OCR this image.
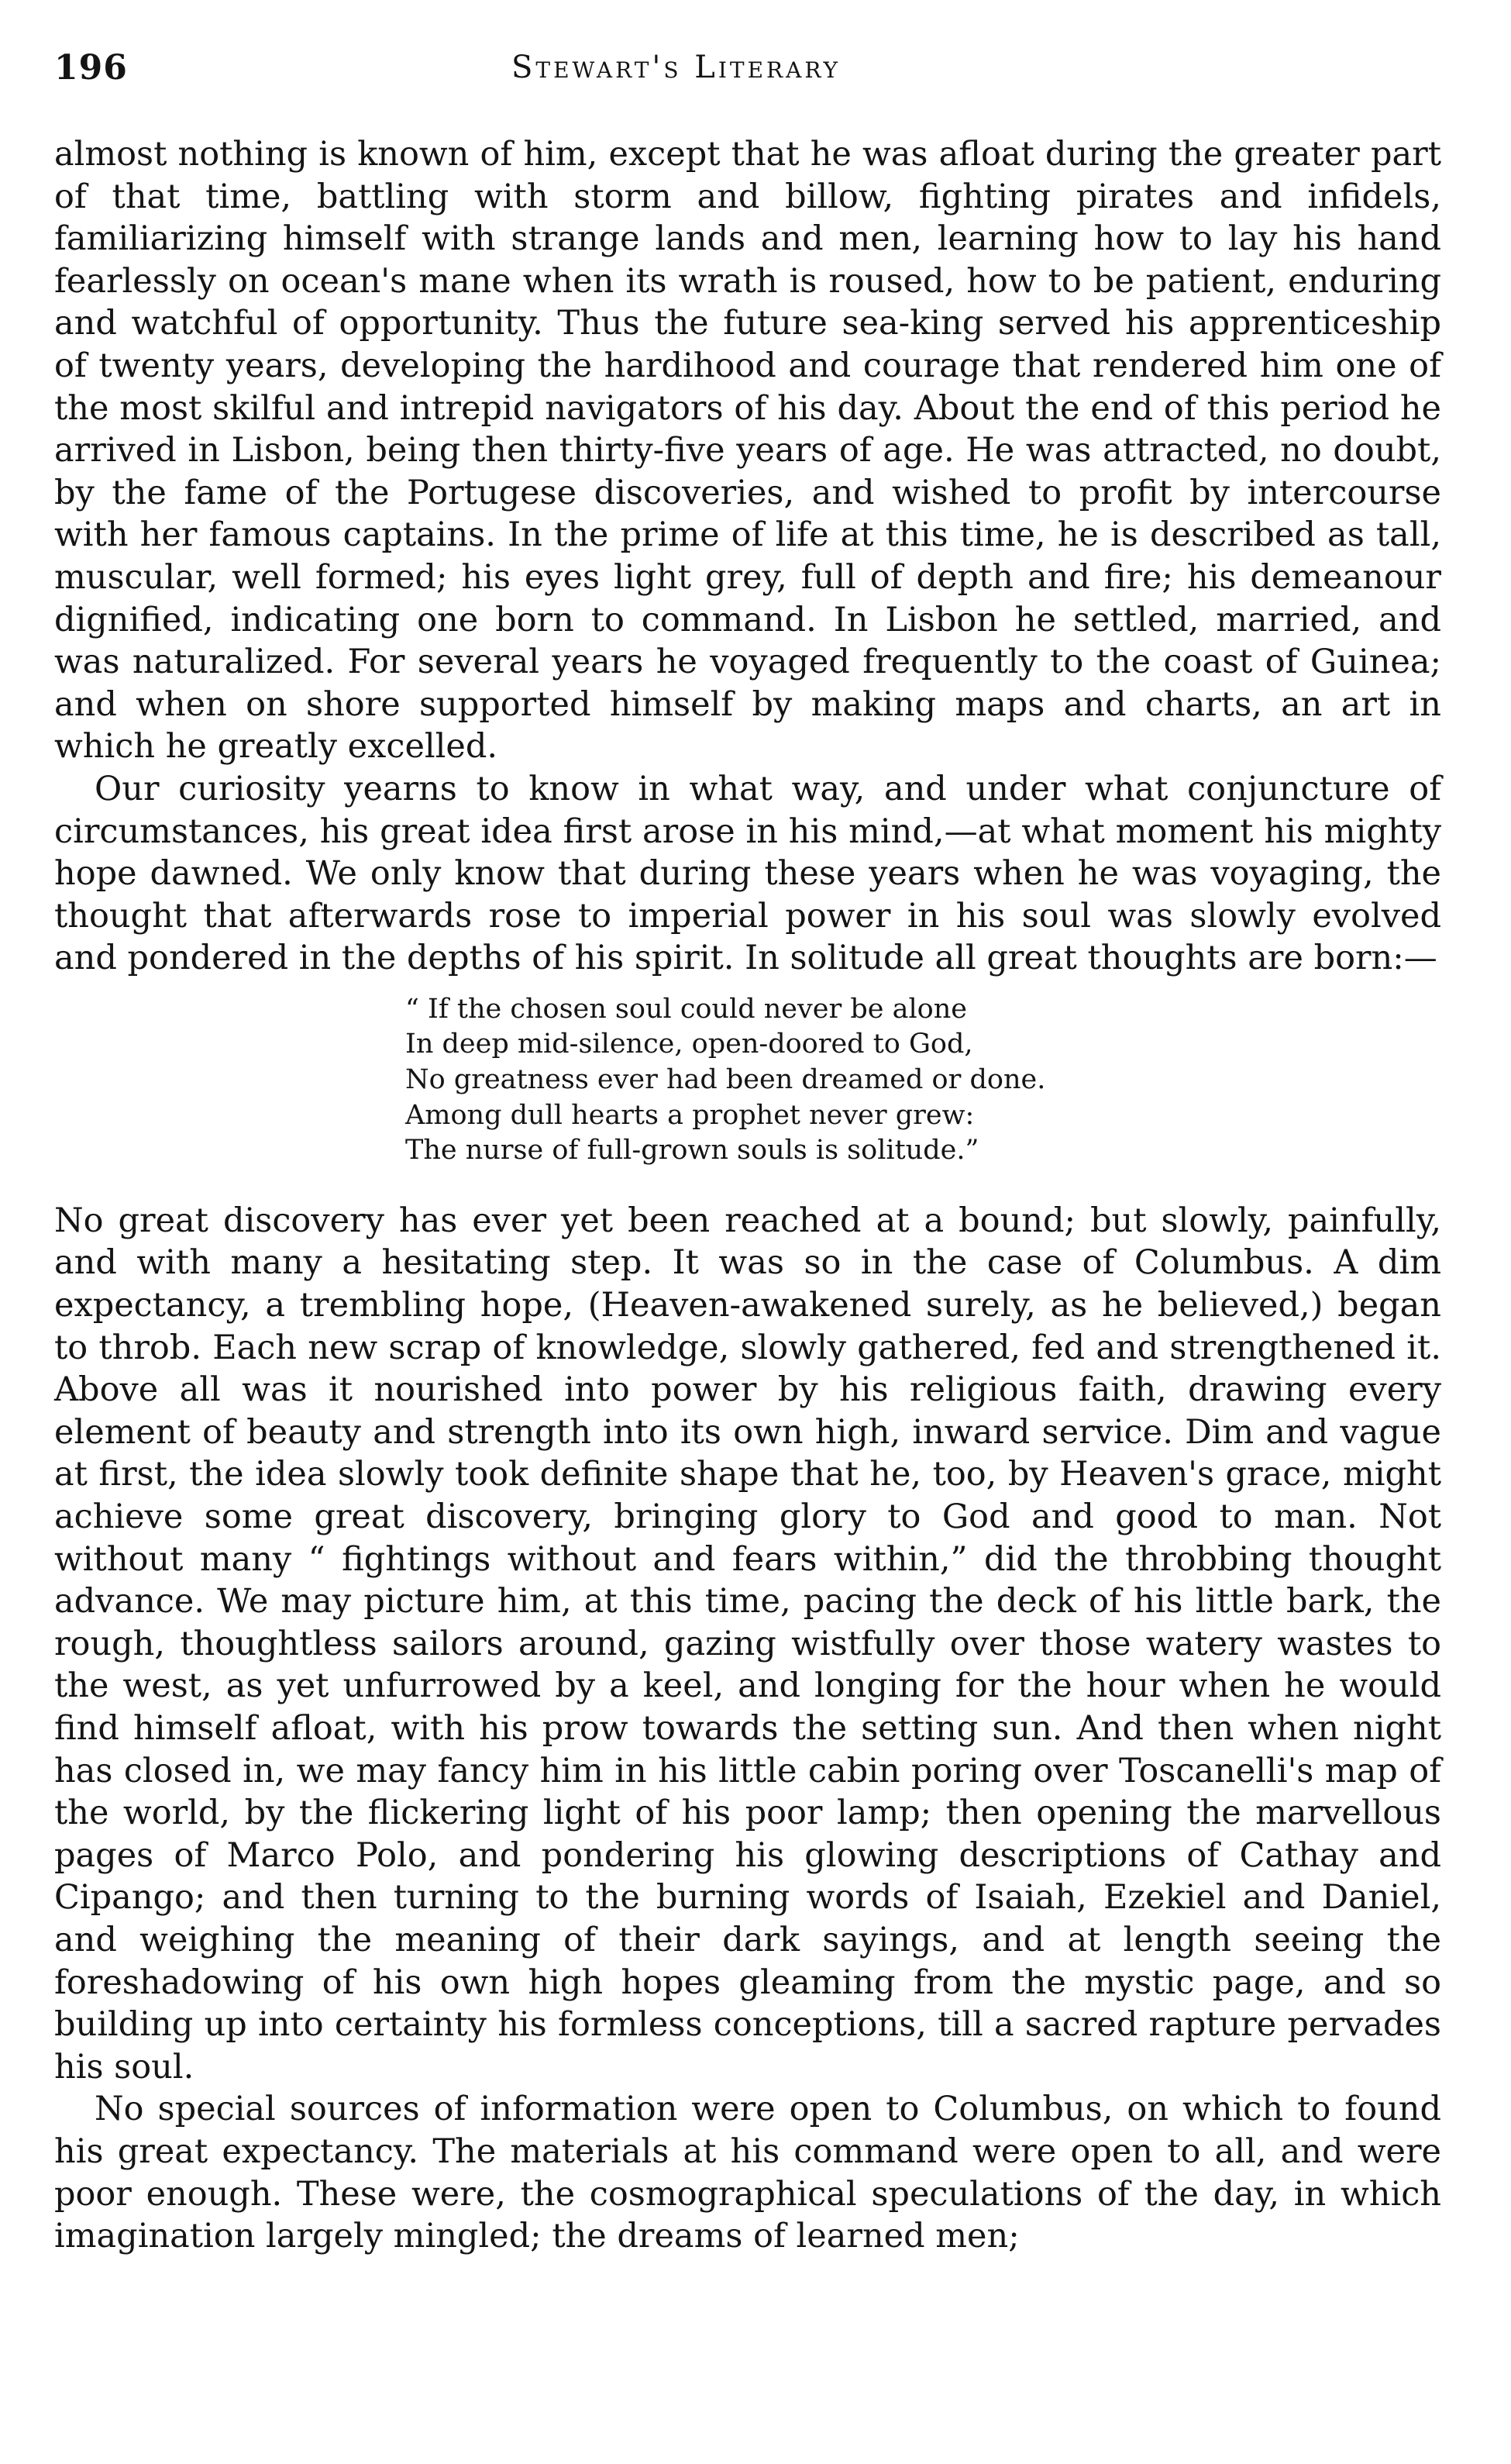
196	Stewart's Literary

almost nothing is known of him, except that he was afloat during the greater part of that time, battling with storm and billow, fighting pirates and infidels, familiarizing himself with strange lands and men, learning how to lay his hand fearlessly on ocean's mane when its wrath is roused, how to be patient, enduring and watchful of opportunity. Thus the future sea-king served his apprenticeship of twenty years, developing the hardihood and courage that rendered him one of the most skilful and intrepid navigators of his day. About the end of this period he arrived in Lisbon, being then thirty-five years of age. He was attracted, no doubt, by the fame of the Portugese discoveries, and wished to profit by intercourse with her famous captains. In the prime of life at this time, he is described as tall, muscular, well formed; his eyes light grey, full of depth and fire; his demeanour dignified, indicating one born to command. In Lisbon he settled, married, and was naturalized. For several years he voyaged frequently to the coast of Guinea; and when on shore supported himself by making maps and charts, an art in which he greatly excelled.

Our curiosity yearns to know in what way, and under what conjuncture of circumstances, his great idea first arose in his mind,—at what moment his mighty hope dawned. We only know that during these years when he was voyaging, the thought that afterwards rose to imperial power in his soul was slowly evolved and pondered in the depths of his spirit. In solitude all great thoughts are born:—

“ If the chosen soul could never be alone
In deep mid-silence, open-doored to God,
No greatness ever had been dreamed or done.
Among dull hearts a prophet never grew:
The nurse of full-grown souls is solitude.”

No great discovery has ever yet been reached at a bound; but slowly, painfully, and with many a hesitating step. It was so in the case of Columbus. A dim expectancy, a trembling hope, (Heaven-awakened surely, as he believed,) began to throb. Each new scrap of knowledge, slowly gathered, fed and strengthened it. Above all was it nourished into power by his religious faith, drawing every element of beauty and strength into its own high, inward service. Dim and vague at first, the idea slowly took definite shape that he, too, by Heaven's grace, might achieve some great discovery, bringing glory to God and good to man. Not without many “ fightings without and fears within,” did the throbbing thought advance. We may picture him, at this time, pacing the deck of his little bark, the rough, thoughtless sailors around, gazing wistfully over those watery wastes to the west, as yet unfurrowed by a keel, and longing for the hour when he would find himself afloat, with his prow towards the setting sun. And then when night has closed in, we may fancy him in his little cabin poring over Toscanelli's map of the world, by the flickering light of his poor lamp; then opening the marvellous pages of Marco Polo, and pondering his glowing descriptions of Cathay and Cipango; and then turning to the burning words of Isaiah, Ezekiel and Daniel, and weighing the meaning of their dark sayings, and at length seeing the foreshadowing of his own high hopes gleaming from the mystic page, and so building up into certainty his formless conceptions, till a sacred rapture pervades his soul.

No special sources of information were open to Columbus, on which to found his great expectancy. The materials at his command were open to all, and were poor enough. These were, the cosmographical speculations of the day, in which imagination largely mingled; the dreams of learned men;
